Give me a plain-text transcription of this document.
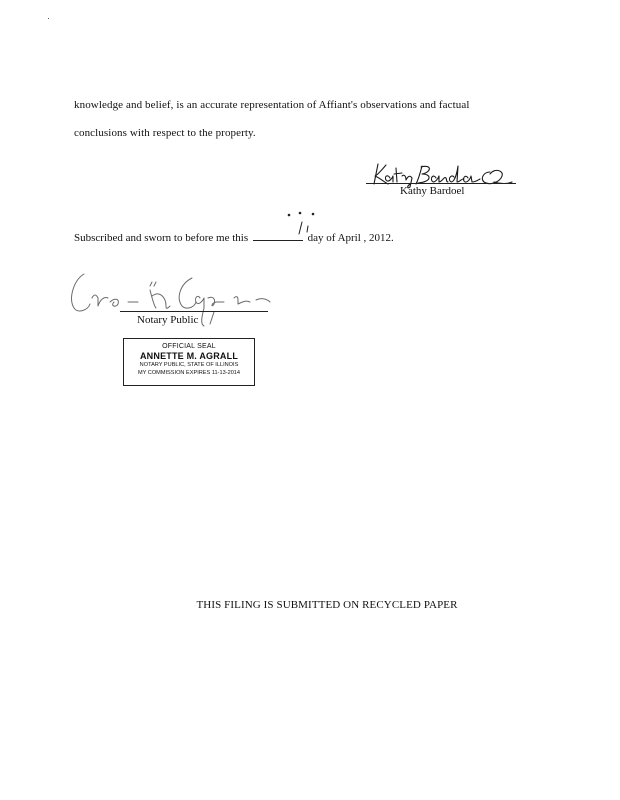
knowledge and belief, is an accurate representation of Affiant's observations and factual
conclusions with respect to the property.
Kathy Bardoel
Subscribed and sworn to before me this	day of April , 2012.
Notary Public
OFFICIAL SEAL
ANNETTE M. AGRALL
NOTARY PUBLIC, STATE OF ILLINOIS
MY COMMISSION EXPIRES 11-13-2014
THIS FILING IS SUBMITTED ON RECYCLED PAPER
